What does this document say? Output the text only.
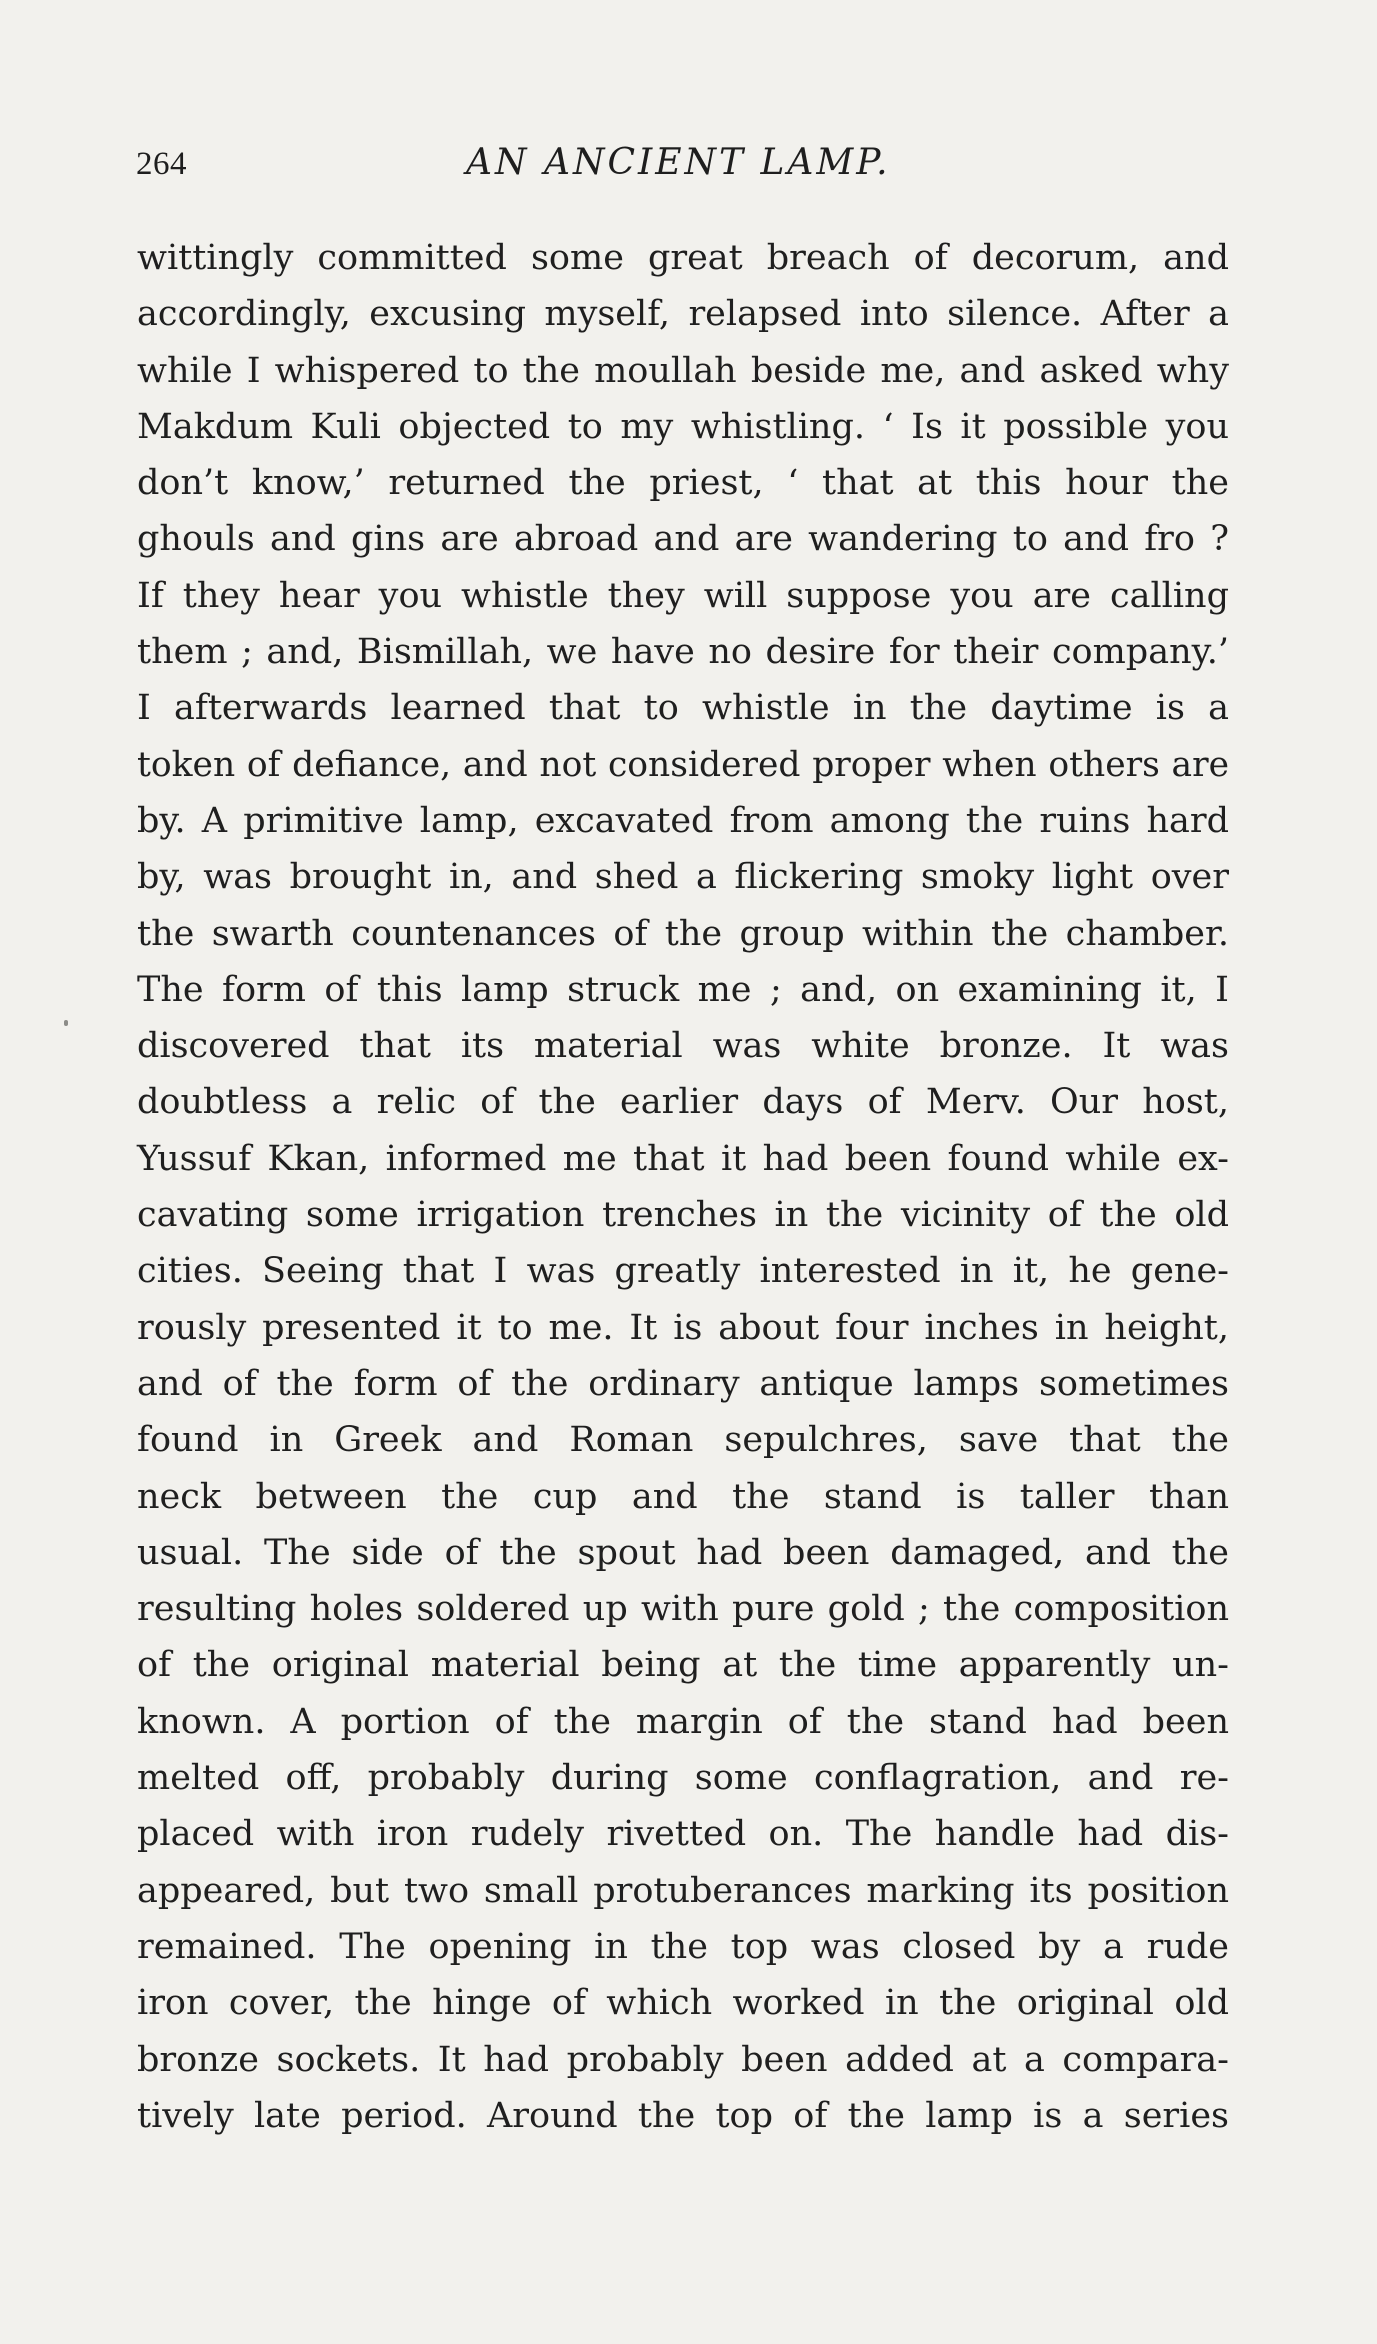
264	AN ANCIENT LAMP.
wittingly committed some great breach of decorum, and
accordingly, excusing myself, relapsed into silence. After a
while I whispered to the moullah beside me, and asked why
Makdum Kuli objected to my whistling. ‘ Is it possible you
don’t know,’ returned the priest, ‘ that at this hour the
ghouls and gins are abroad and are wandering to and fro ?
If they hear you whistle they will suppose you are calling
them ; and, Bismillah, we have no desire for their company.’
I afterwards learned that to whistle in the daytime is a
token of defiance, and not considered proper when others are
by. A primitive lamp, excavated from among the ruins hard
by, was brought in, and shed a flickering smoky light over
the swarth countenances of the group within the chamber.
The form of this lamp struck me ; and, on examining it, I
discovered that its material was white bronze. It was
doubtless a relic of the earlier days of Merv. Our host,
Yussuf Kkan, informed me that it had been found while ex-
cavating some irrigation trenches in the vicinity of the old
cities. Seeing that I was greatly interested in it, he gene-
rously presented it to me. It is about four inches in height,
and of the form of the ordinary antique lamps sometimes
found in Greek and Roman sepulchres, save that the
neck between the cup and the stand is taller than
usual. The side of the spout had been damaged, and the
resulting holes soldered up with pure gold ; the composition
of the original material being at the time apparently un-
known. A portion of the margin of the stand had been
melted off, probably during some conflagration, and re-
placed with iron rudely rivetted on. The handle had dis-
appeared, but two small protuberances marking its position
remained. The opening in the top was closed by a rude
iron cover, the hinge of which worked in the original old
bronze sockets. It had probably been added at a compara-
tively late period. Around the top of the lamp is a series
